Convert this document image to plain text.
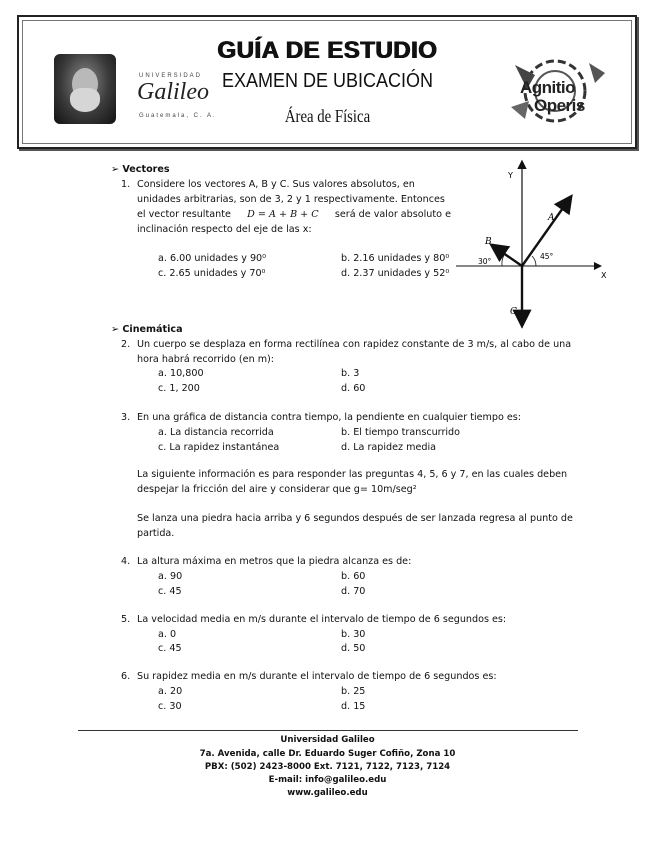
UNIVERSIDAD
Galileo
Guatemala, C. A.
Agnitio
Operis
GUÍA DE ESTUDIO
EXAMEN DE UBICACIÓN
Área de Física
➢ Vectores
1. Considere los vectores A, B y C. Sus valores absolutos, en
unidades arbitrarias, son de 3, 2 y 1 respectivamente. Entonces
el vector resultante D = A + B + C será de valor absoluto e
inclinación respecto del eje de las x:
a. 6.00 unidades y 90⁰	b. 2.16 unidades y 80⁰
c. 2.65 unidades y 70⁰	d. 2.37 unidades y 52⁰
Y
X
A
B
C
30°
45°
➢ Cinemática
2. Un cuerpo se desplaza en forma rectilínea con rapidez constante de 3 m/s, al cabo de una
hora habrá recorrido (en m):
a. 10,800	b. 3
c. 1, 200	d. 60
3. En una gráfica de distancia contra tiempo, la pendiente en cualquier tiempo es:
a. La distancia recorrida	b. El tiempo transcurrido
c. La rapidez instantánea	d. La rapidez media
La siguiente información es para responder las preguntas 4, 5, 6 y 7, en las cuales deben
despejar la fricción del aire y considerar que g= 10m/seg²
Se lanza una piedra hacia arriba y 6 segundos después de ser lanzada regresa al punto de
partida.
4. La altura máxima en metros que la piedra alcanza es de:
a. 90	b. 60
c. 45	d. 70
5. La velocidad media en m/s durante el intervalo de tiempo de 6 segundos es:
a. 0	b. 30
c. 45	d. 50
6. Su rapidez media en m/s durante el intervalo de tiempo de 6 segundos es:
a. 20	b. 25
c. 30	d. 15
Universidad Galileo
7a. Avenida, calle Dr. Eduardo Suger Cofiño, Zona 10
PBX: (502) 2423-8000 Ext. 7121, 7122, 7123, 7124
E-mail: info@galileo.edu
www.galileo.edu
